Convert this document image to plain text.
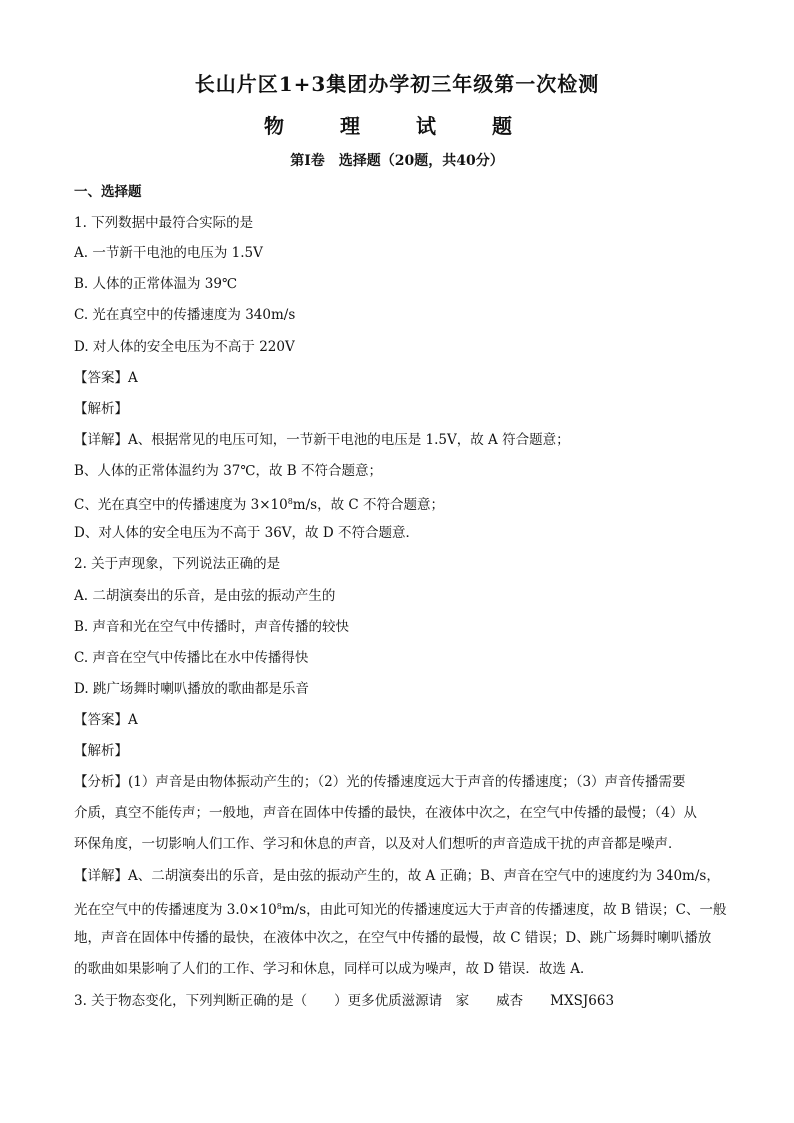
长山片区1+3集团办学初三年级第一次检测
物　理　试　题
第I卷　选择题（20题，共40分）
一、选择题
1. 下列数据中最符合实际的是
A. 一节新干电池的电压为 1.5V
B. 人体的正常体温为 39℃
C. 光在真空中的传播速度为 340m/s
D. 对人体的安全电压为不高于 220V
【答案】A
【解析】
【详解】A、根据常见的电压可知，一节新干电池的电压是 1.5V，故 A 符合题意；
B、人体的正常体温约为 37℃，故 B 不符合题意；
C、光在真空中的传播速度为 $3\times 10^8m/s$，故 C 不符合题意；
D、对人体的安全电压为不高于 36V，故 D 不符合题意．
2. 关于声现象，下列说法正确的是
A. 二胡演奏出的乐音，是由弦的振动产生的
B. 声音和光在空气中传播时，声音传播的较快
C. 声音在空气中传播比在水中传播得快
D. 跳广场舞时喇叭播放的歌曲都是乐音
【答案】A
【解析】
【分析】(1）声音是由物体振动产生的；（2）光的传播速度远大于声音的传播速度；（3）声音传播需要
介质，真空不能传声；一般地，声音在固体中传播的最快，在液体中次之，在空气中传播的最慢；（4）从
环保角度，一切影响人们工作、学习和休息的声音，以及对人们想听的声音造成干扰的声音都是噪声．
【详解】A、二胡演奏出的乐音，是由弦的振动产生的，故 A 正确；B、声音在空气中的速度约为 340m/s，
光在空气中的传播速度为 $3.0\times 10^8m/s$，由此可知光的传播速度远大于声音的传播速度，故 B 错误；C、一般
地，声音在固体中传播的最快，在液体中次之，在空气中传播的最慢，故 C 错误；D、跳广场舞时喇叭播放
的歌曲如果影响了人们的工作、学习和休息，同样可以成为噪声，故 D 错误．故选 A．
3. 关于物态变化，下列判断正确的是（　　）更多优质滋源请　家　　威杏　　MXSJ663
